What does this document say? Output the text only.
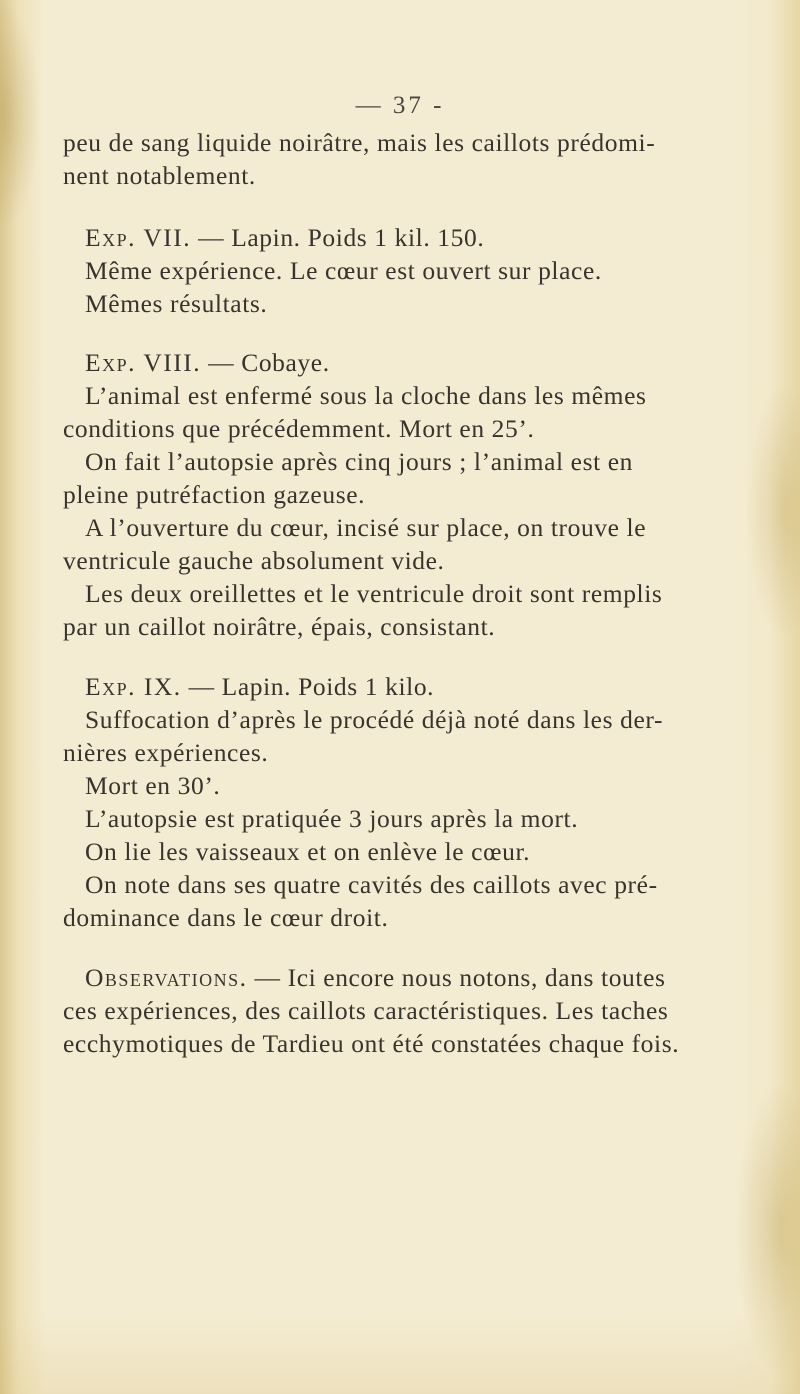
— 37 -

peu de sang liquide noirâtre, mais les caillots prédomi-

nent notablement.

Exp. VII. — Lapin. Poids 1 kil. 150.

Même expérience. Le cœur est ouvert sur place.

Mêmes résultats.

Exp. VIII. — Cobaye.

L’animal est enfermé sous la cloche dans les mêmes

conditions que précédemment. Mort en 25’.

On fait l’autopsie après cinq jours ; l’animal est en

pleine putréfaction gazeuse.

A l’ouverture du cœur, incisé sur place, on trouve le

ventricule gauche absolument vide.

Les deux oreillettes et le ventricule droit sont remplis

par un caillot noirâtre, épais, consistant.

Exp. IX. — Lapin. Poids 1 kilo.

Suffocation d’après le procédé déjà noté dans les der-

nières expériences.

Mort en 30’.

L’autopsie est pratiquée 3 jours après la mort.

On lie les vaisseaux et on enlève le cœur.

On note dans ses quatre cavités des caillots avec pré-

dominance dans le cœur droit.

Observations. — Ici encore nous notons, dans toutes

ces expériences, des caillots caractéristiques. Les taches

ecchymotiques de Tardieu ont été constatées chaque fois.
